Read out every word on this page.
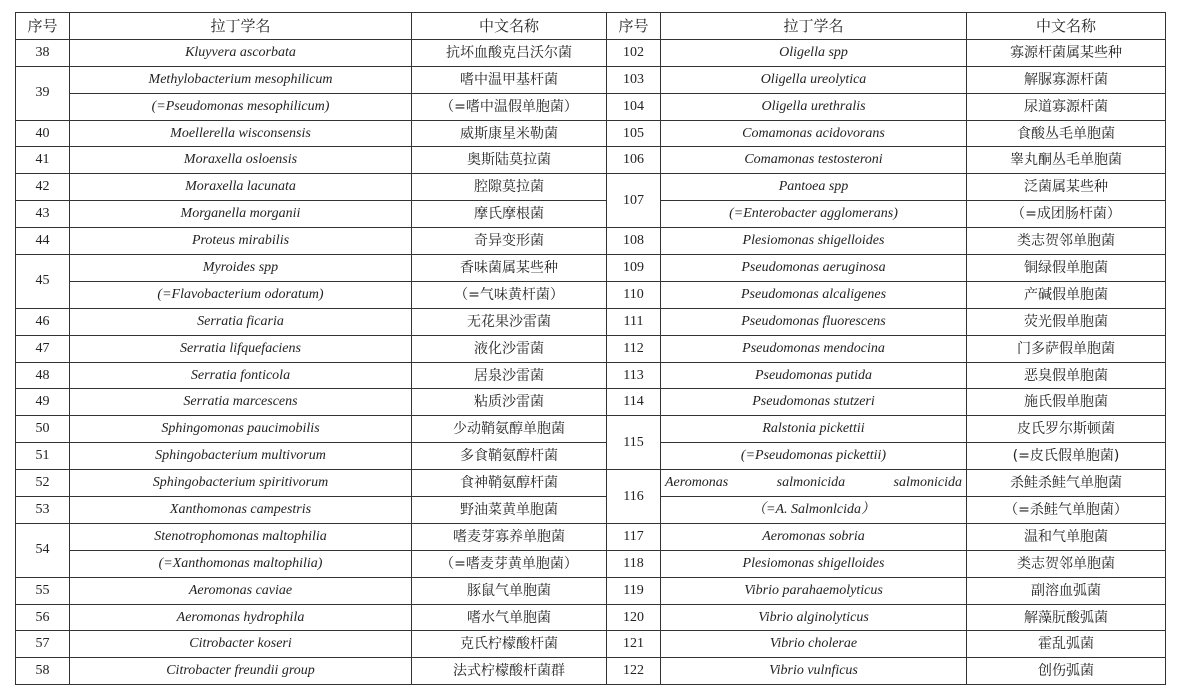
序号	拉丁学名	中文名称	序号	拉丁学名	中文名称
38	Kluyvera ascorbata	抗坏血酸克吕沃尔菌	102	Oligella spp	寡源杆菌属某些种
39	Methylobacterium mesophilicum	嗜中温甲基杆菌	103	Oligella ureolytica	解脲寡源杆菌
	(=Pseudomonas mesophilicum)	（=嗜中温假单胞菌）	104	Oligella urethralis	尿道寡源杆菌
40	Moellerella wisconsensis	威斯康星米勒菌	105	Comamonas acidovorans	食酸丛毛单胞菌
41	Moraxella osloensis	奥斯陆莫拉菌	106	Comamonas testosteroni	睾丸酮丛毛单胞菌
42	Moraxella lacunata	腔隙莫拉菌	107	Pantoea spp	泛菌属某些种
43	Morganella morganii	摩氏摩根菌		(=Enterobacter agglomerans)	（=成团肠杆菌）
44	Proteus mirabilis	奇异变形菌	108	Plesiomonas shigelloides	类志贺邻单胞菌
45	Myroides spp	香味菌属某些种	109	Pseudomonas aeruginosa	铜绿假单胞菌
	(=Flavobacterium odoratum)	（=气味黄杆菌）	110	Pseudomonas alcaligenes	产碱假单胞菌
46	Serratia ficaria	无花果沙雷菌	111	Pseudomonas fluorescens	荧光假单胞菌
47	Serratia lifquefaciens	液化沙雷菌	112	Pseudomonas mendocina	门多萨假单胞菌
48	Serratia fonticola	居泉沙雷菌	113	Pseudomonas putida	恶臭假单胞菌
49	Serratia marcescens	粘质沙雷菌	114	Pseudomonas stutzeri	施氏假单胞菌
50	Sphingomonas paucimobilis	少动鞘氨醇单胞菌	115	Ralstonia pickettii	皮氏罗尔斯顿菌
51	Sphingobacterium multivorum	多食鞘氨醇杆菌		(=Pseudomonas pickettii)	(=皮氏假单胞菌)
52	Sphingobacterium spiritivorum	食神鞘氨醇杆菌	116	Aeromonas salmonicida salmonicida	杀鲑杀鲑气单胞菌
53	Xanthomonas campestris	野油菜黄单胞菌		（=A. Salmonlcida）	（=杀鲑气单胞菌）
54	Stenotrophomonas maltophilia	嗜麦芽寡养单胞菌	117	Aeromonas sobria	温和气单胞菌
	(=Xanthomonas maltophilia)	（=嗜麦芽黄单胞菌）	118	Plesiomonas shigelloides	类志贺邻单胞菌
55	Aeromonas caviae	豚鼠气单胞菌	119	Vibrio parahaemolyticus	副溶血弧菌
56	Aeromonas hydrophila	嗜水气单胞菌	120	Vibrio alginolyticus	解藻朊酸弧菌
57	Citrobacter koseri	克氏柠檬酸杆菌	121	Vibrio cholerae	霍乱弧菌
58	Citrobacter freundii group	法式柠檬酸杆菌群	122	Vibrio vulnficus	创伤弧菌
